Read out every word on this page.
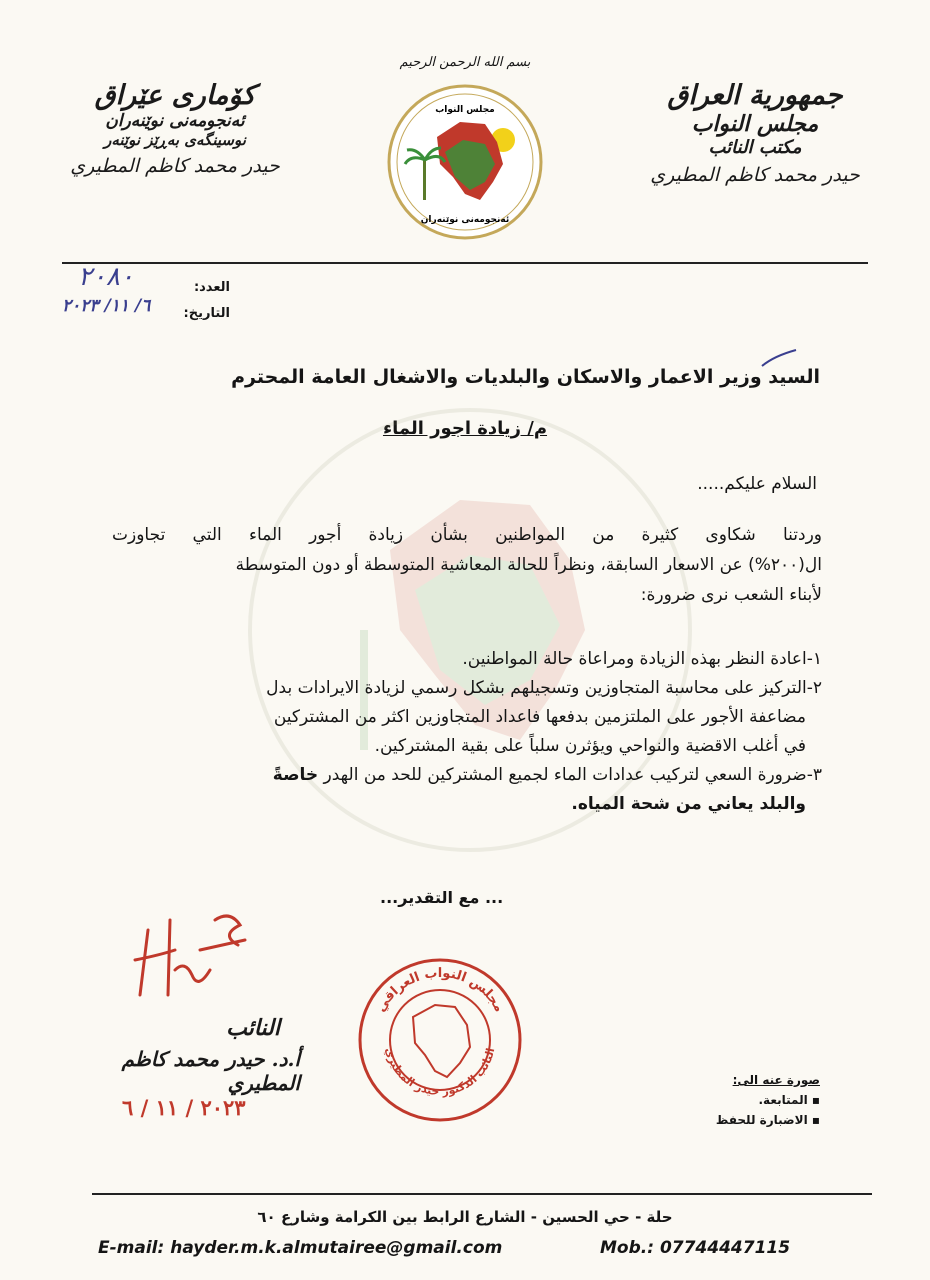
جمهورية العراق
مجلس النواب
مكتب النائب
حيدر محمد كاظم المطيري
کۆماری عێراق
ئەنجومەنی نوێنەران
نوسینگەی بەڕێز نوێنەر
حیدر محمد کاظم المطیري
بسم الله الرحمن الرحيم
مجلس النواب
ئەنجومەنی نوێنەران
العدد:
٢٠٨٠
التاريخ:
٦/ ١١/ ٢٠٢٣
السيد وزير الاعمار والاسكان والبلديات والاشغال العامة المحترم
م/ زيادة اجور الماء
السلام عليكم.....
وردتنا شكاوى كثيرة من المواطنين بشأن زيادة أجور الماء التي تجاوزت
ال(٢٠٠%) عن الاسعار السابقة، ونظراً للحالة المعاشية المتوسطة أو دون المتوسطة
لأبناء الشعب نرى ضرورة:
١-اعادة النظر بهذه الزيادة ومراعاة حالة المواطنين.
٢-التركيز على محاسبة المتجاوزين وتسجيلهم بشكل رسمي لزيادة الايرادات بدل
مضاعفة الأجور على الملتزمين بدفعها فاعداد المتجاوزين اكثر من المشتركين
في أغلب الاقضية والنواحي ويؤثرن سلباً على بقية المشتركين.
٣-ضرورة السعي لتركيب عدادات الماء لجميع المشتركين للحد من الهدر خاصةً
والبلد يعاني من شحة المياه.
... مع التقدير...
النائب
أ.د. حيدر محمد كاظم المطيري
٢٠٢٣ / ١١ / ٦
مجلس النواب العراقي
النائب الدكتور حيدر المطيري
صورة عنه الى:
▪ المتابعة.
▪ الاضبارة للحفظ
حلة - حي الحسين - الشارع الرابط بين الكرامة وشارع ٦٠
E-mail: hayder.m.k.almutairee@gmail.com	Mob.: 07744447115
